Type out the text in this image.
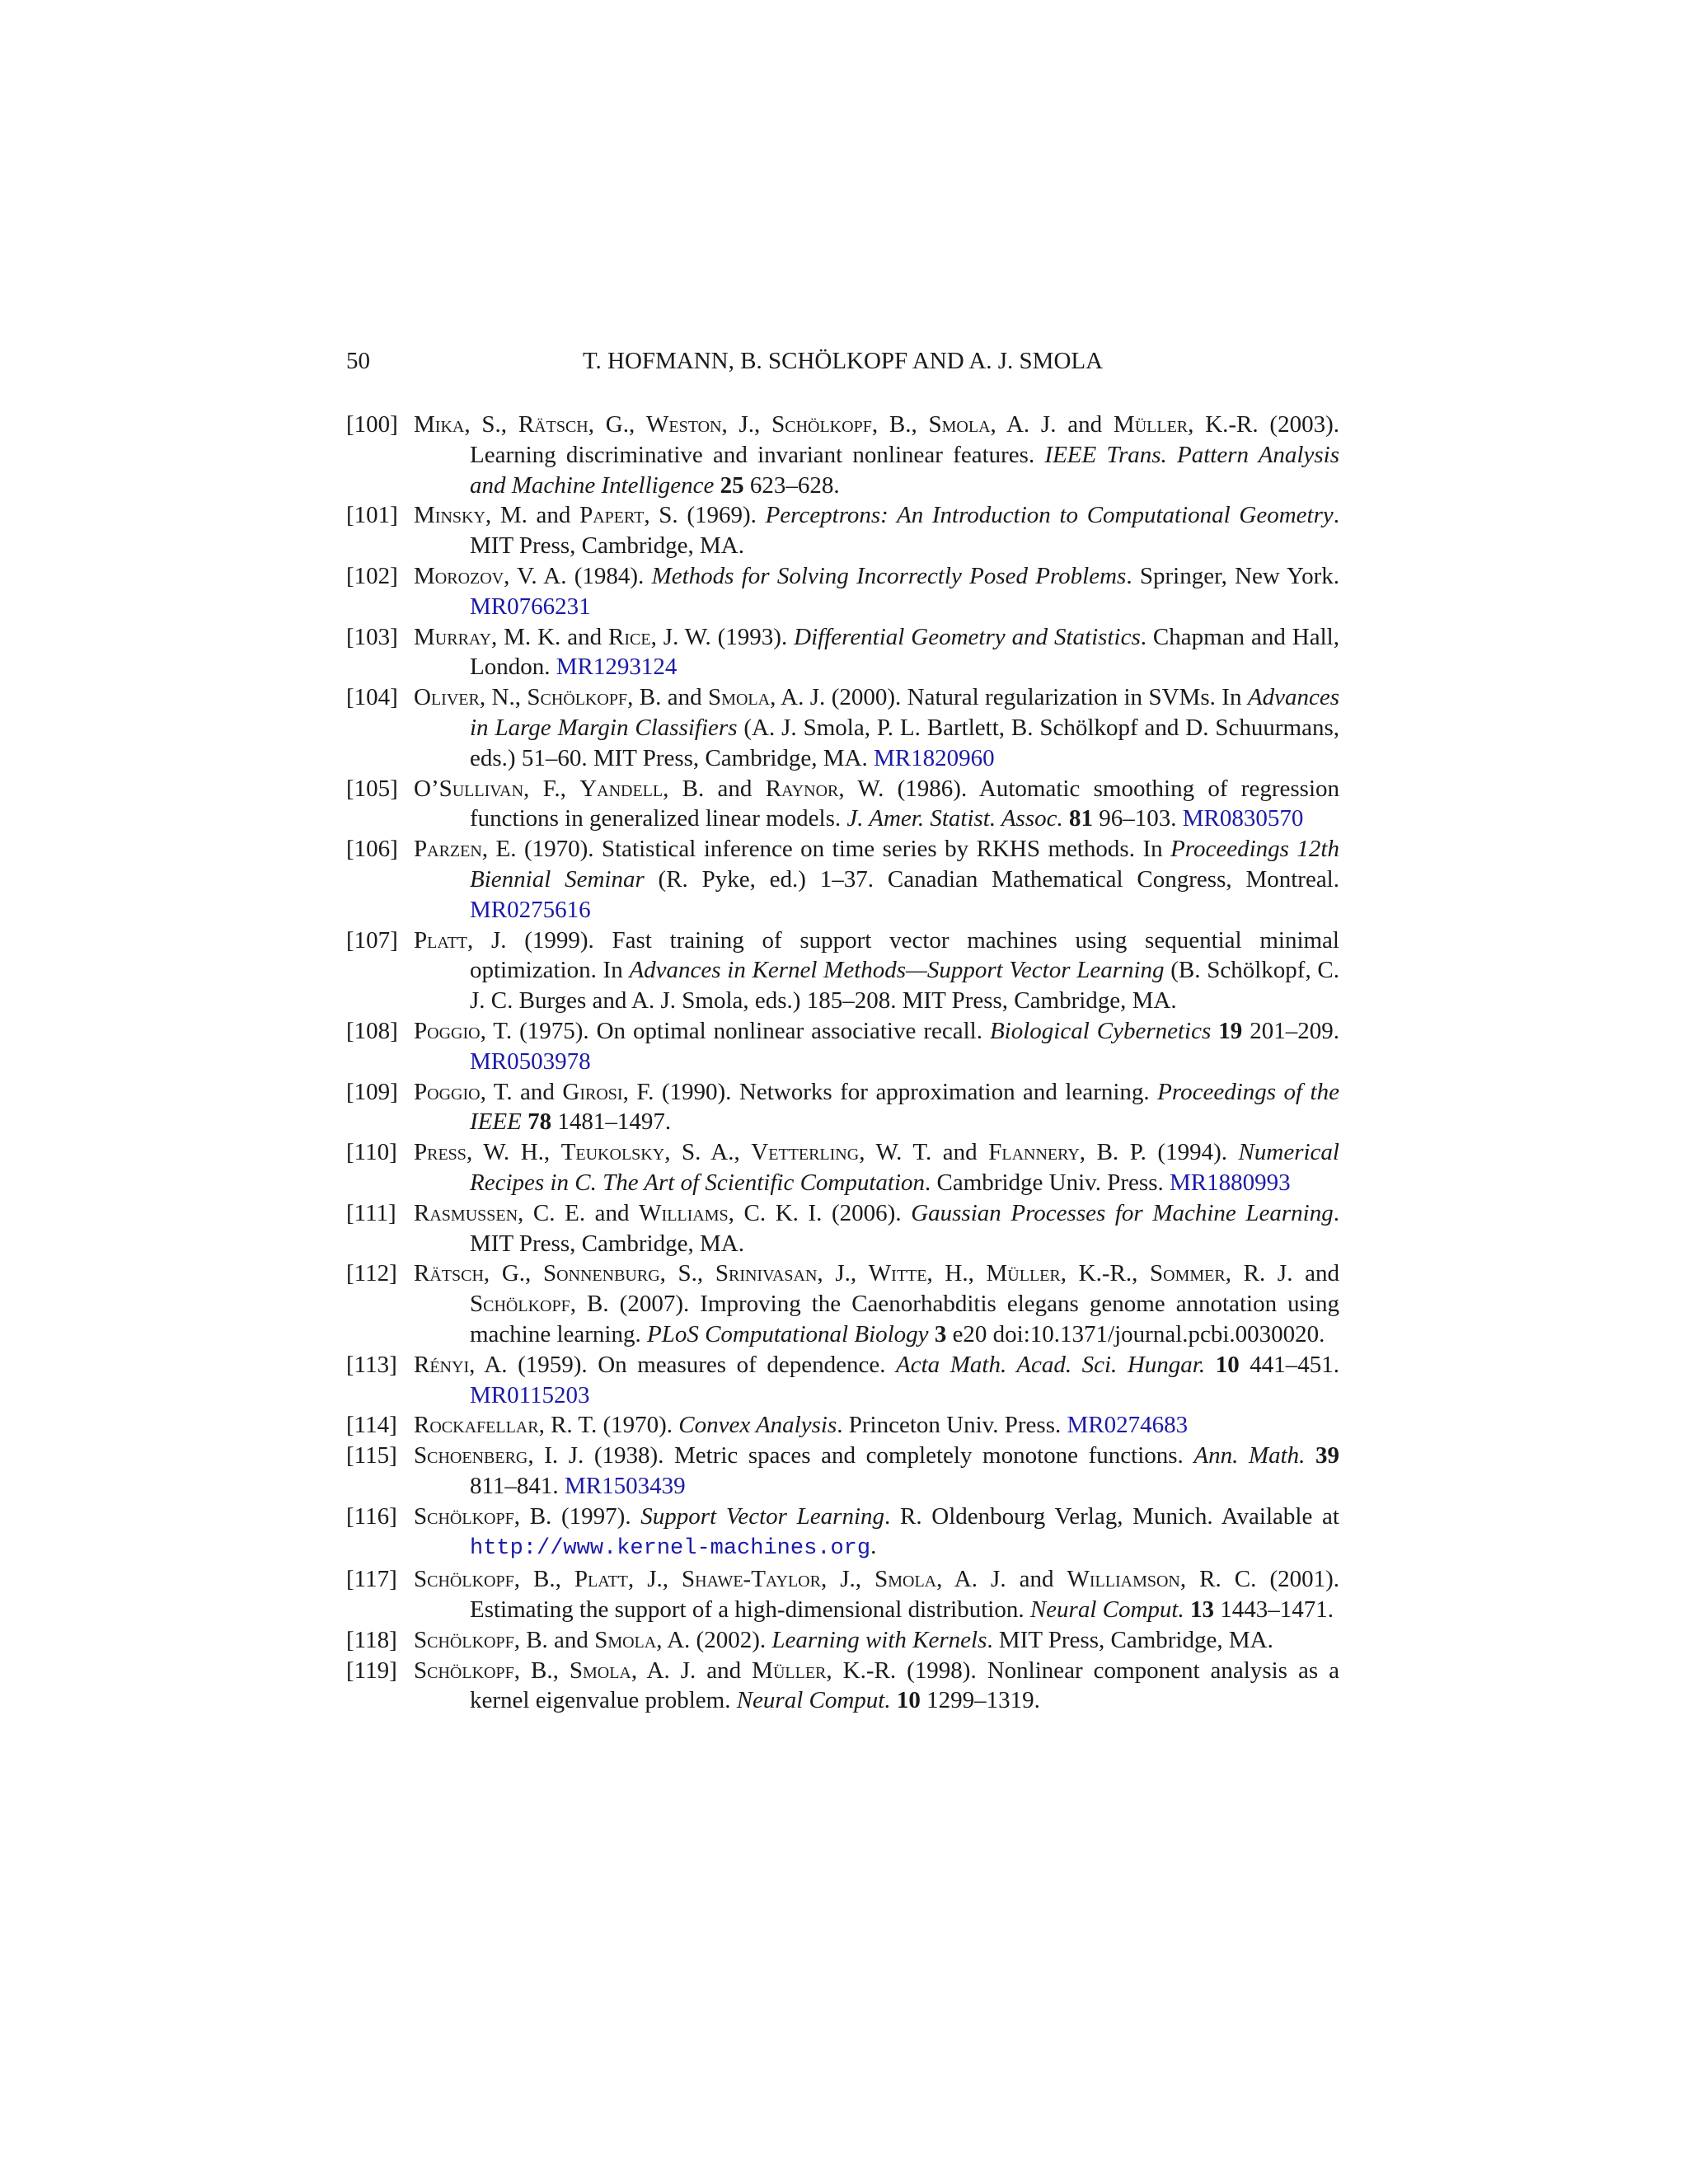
50	T. HOFMANN, B. SCHÖLKOPF AND A. J. SMOLA
[100] Mika, S., Rätsch, G., Weston, J., Schölkopf, B., Smola, A. J. and Müller, K.-R. (2003). Learning discriminative and invariant nonlinear features. IEEE Trans. Pattern Analysis and Machine Intelligence 25 623–628.
[101] Minsky, M. and Papert, S. (1969). Perceptrons: An Introduction to Computational Geometry. MIT Press, Cambridge, MA.
[102] Morozov, V. A. (1984). Methods for Solving Incorrectly Posed Problems. Springer, New York. MR0766231
[103] Murray, M. K. and Rice, J. W. (1993). Differential Geometry and Statistics. Chapman and Hall, London. MR1293124
[104] Oliver, N., Schölkopf, B. and Smola, A. J. (2000). Natural regularization in SVMs. In Advances in Large Margin Classifiers (A. J. Smola, P. L. Bartlett, B. Schölkopf and D. Schuurmans, eds.) 51–60. MIT Press, Cambridge, MA. MR1820960
[105] O’Sullivan, F., Yandell, B. and Raynor, W. (1986). Automatic smoothing of regression functions in generalized linear models. J. Amer. Statist. Assoc. 81 96–103. MR0830570
[106] Parzen, E. (1970). Statistical inference on time series by RKHS methods. In Proceedings 12th Biennial Seminar (R. Pyke, ed.) 1–37. Canadian Mathematical Congress, Montreal. MR0275616
[107] Platt, J. (1999). Fast training of support vector machines using sequential minimal optimization. In Advances in Kernel Methods—Support Vector Learning (B. Schölkopf, C. J. C. Burges and A. J. Smola, eds.) 185–208. MIT Press, Cambridge, MA.
[108] Poggio, T. (1975). On optimal nonlinear associative recall. Biological Cybernetics 19 201–209. MR0503978
[109] Poggio, T. and Girosi, F. (1990). Networks for approximation and learning. Proceedings of the IEEE 78 1481–1497.
[110] Press, W. H., Teukolsky, S. A., Vetterling, W. T. and Flannery, B. P. (1994). Numerical Recipes in C. The Art of Scientific Computation. Cambridge Univ. Press. MR1880993
[111] Rasmussen, C. E. and Williams, C. K. I. (2006). Gaussian Processes for Machine Learning. MIT Press, Cambridge, MA.
[112] Rätsch, G., Sonnenburg, S., Srinivasan, J., Witte, H., Müller, K.-R., Sommer, R. J. and Schölkopf, B. (2007). Improving the Caenorhabditis elegans genome annotation using machine learning. PLoS Computational Biology 3 e20 doi:10.1371/journal.pcbi.0030020.
[113] Rényi, A. (1959). On measures of dependence. Acta Math. Acad. Sci. Hungar. 10 441–451. MR0115203
[114] Rockafellar, R. T. (1970). Convex Analysis. Princeton Univ. Press. MR0274683
[115] Schoenberg, I. J. (1938). Metric spaces and completely monotone functions. Ann. Math. 39 811–841. MR1503439
[116] Schölkopf, B. (1997). Support Vector Learning. R. Oldenbourg Verlag, Munich. Available at http://www.kernel-machines.org.
[117] Schölkopf, B., Platt, J., Shawe-Taylor, J., Smola, A. J. and Williamson, R. C. (2001). Estimating the support of a high-dimensional distribution. Neural Comput. 13 1443–1471.
[118] Schölkopf, B. and Smola, A. (2002). Learning with Kernels. MIT Press, Cambridge, MA.
[119] Schölkopf, B., Smola, A. J. and Müller, K.-R. (1998). Nonlinear component analysis as a kernel eigenvalue problem. Neural Comput. 10 1299–1319.
